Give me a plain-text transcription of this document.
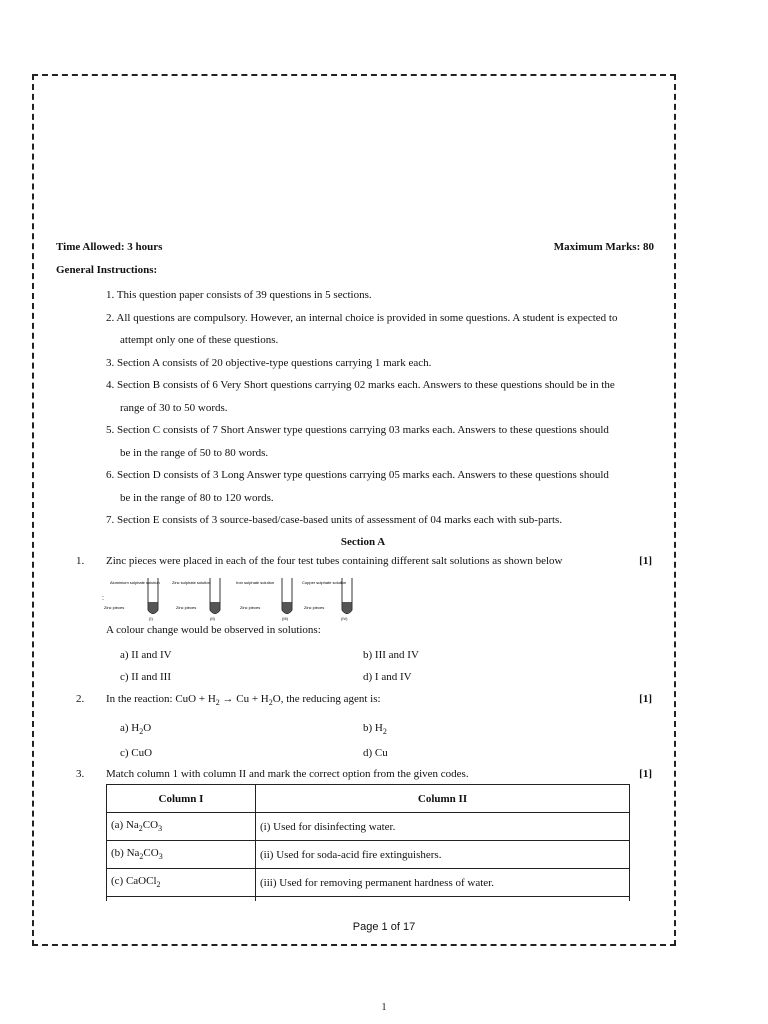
Time Allowed: 3 hours	Maximum Marks: 80
General Instructions:

1. This question paper consists of 39 questions in 5 sections.

2. All questions are compulsory. However, an internal choice is provided in some questions. A student is expected to

attempt only one of these questions.

3. Section A consists of 20 objective-type questions carrying 1 mark each.

4. Section B consists of 6 Very Short questions carrying 02 marks each. Answers to these questions should be in the

range of 30 to 50 words.

5. Section C consists of 7 Short Answer type questions carrying 03 marks each. Answers to these questions should

be in the range of 50 to 80 words.

6. Section D consists of 3 Long Answer type questions carrying 05 marks each. Answers to these questions should

be in the range of 80 to 120 words.

7. Section E consists of 3 source-based/case-based units of assessment of 04 marks each with sub-parts.

Section A
1. Zinc pieces were placed in each of the four test tubes containing different salt solutions as shown below	[1]
:
Aluminium sulphate solution
Zinc pieces
(I)
Zinc sulphate solution
Zinc pieces
(II)
Iron sulphate solution
Zinc pieces
(III)
Copper sulphate solution
Zinc pieces
(IV)
A colour change would be observed in solutions:
a) II and IV	b) III and IV
c) II and III	d) I and IV
2. In the reaction: CuO + $H_2 \to Cu + H_2O$, the reducing agent is:	[1]
a) $H_2O$	b) $H_2$
c) CuO	d) Cu
3. Match column 1 with column II and mark the correct option from the given codes.	[1]
Column I	Column II
(a) $Na_2CO_3$	(i) Used for disinfecting water.
(b) $Na_2CO_3$	(ii) Used for soda-acid fire extinguishers.
(c) CaOCl$_2$	(iii) Used for removing permanent hardness of water.

Page 1 of 17
1
